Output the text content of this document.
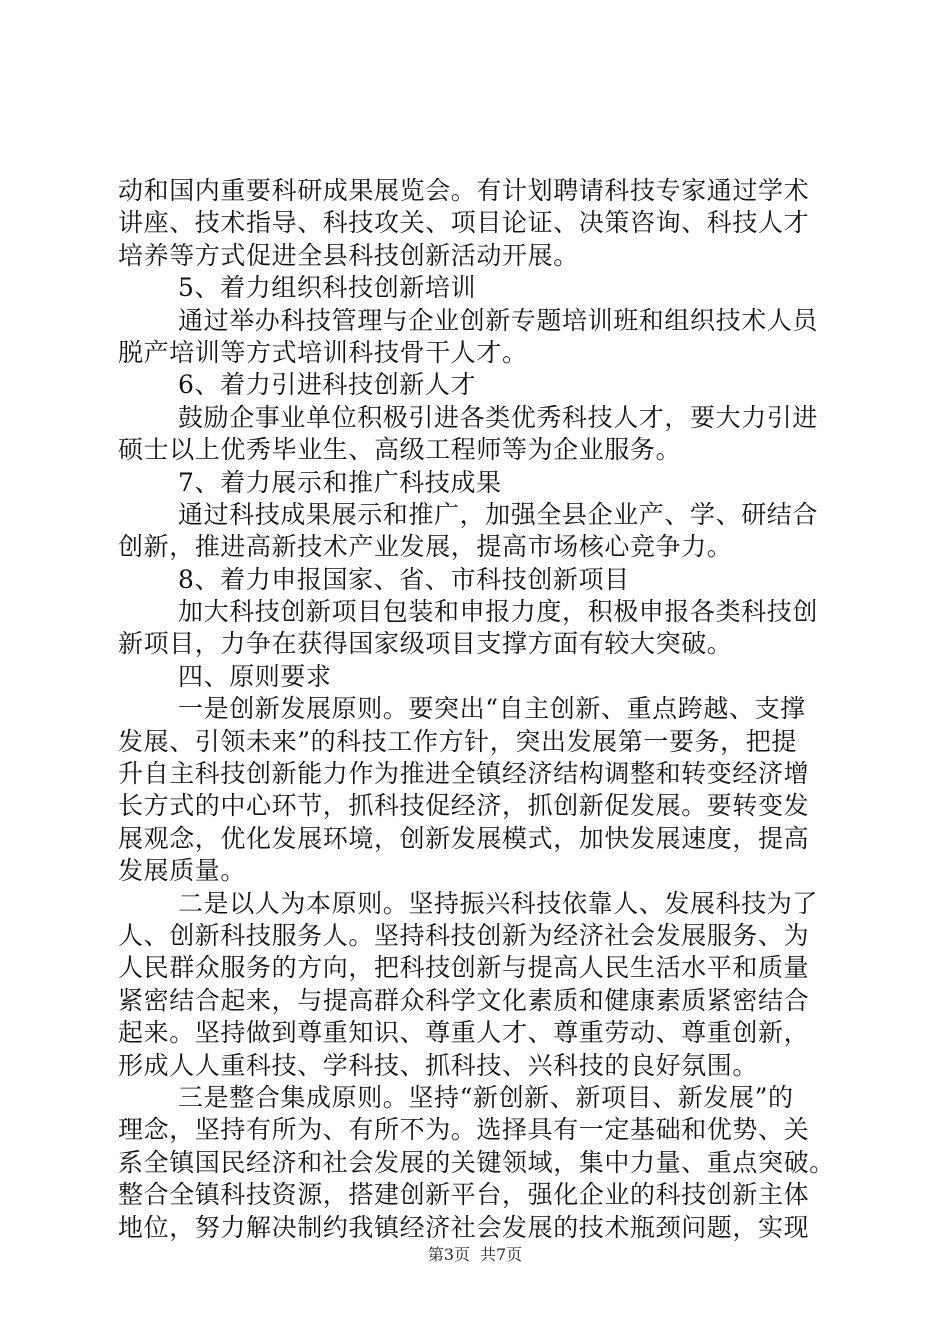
动和国内重要科研成果展览会。有计划聘请科技专家通过学术
讲座、技术指导、科技攻关、项目论证、决策咨询、科技人才
培养等方式促进全县科技创新活动开展。
5、着力组织科技创新培训
通过举办科技管理与企业创新专题培训班和组织技术人员
脱产培训等方式培训科技骨干人才。
6、着力引进科技创新人才
鼓励企事业单位积极引进各类优秀科技人才，要大力引进
硕士以上优秀毕业生、高级工程师等为企业服务。
7、着力展示和推广科技成果
通过科技成果展示和推广，加强全县企业产、学、研结合
创新，推进高新技术产业发展，提高市场核心竞争力。
8、着力申报国家、省、市科技创新项目
加大科技创新项目包装和申报力度，积极申报各类科技创
新项目，力争在获得国家级项目支撑方面有较大突破。
四、原则要求
一是创新发展原则。要突出“自主创新、重点跨越、支撑
发展、引领未来”的科技工作方针，突出发展第一要务，把提
升自主科技创新能力作为推进全镇经济结构调整和转变经济增
长方式的中心环节，抓科技促经济，抓创新促发展。要转变发
展观念，优化发展环境，创新发展模式，加快发展速度，提高
发展质量。
二是以人为本原则。坚持振兴科技依靠人、发展科技为了
人、创新科技服务人。坚持科技创新为经济社会发展服务、为
人民群众服务的方向，把科技创新与提高人民生活水平和质量
紧密结合起来，与提高群众科学文化素质和健康素质紧密结合
起来。坚持做到尊重知识、尊重人才、尊重劳动、尊重创新，
形成人人重科技、学科技、抓科技、兴科技的良好氛围。
三是整合集成原则。坚持“新创新、新项目、新发展”的
理念，坚持有所为、有所不为。选择具有一定基础和优势、关
系全镇国民经济和社会发展的关键领域，集中力量、重点突破。
整合全镇科技资源，搭建创新平台，强化企业的科技创新主体
地位，努力解决制约我镇经济社会发展的技术瓶颈问题，实现
第3页 共7页
